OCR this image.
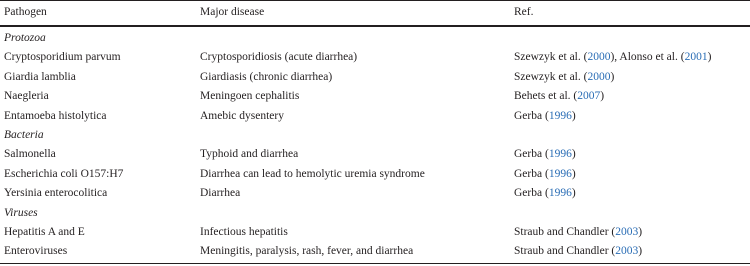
Pathogen	Major disease	Ref.
Protozoa
Cryptosporidium parvum	Cryptosporidiosis (acute diarrhea)	Szewzyk et al. (2000), Alonso et al. (2001)
Giardia lamblia	Giardiasis (chronic diarrhea)	Szewzyk et al. (2000)
Naegleria	Meningoen cephalitis	Behets et al. (2007)
Entamoeba histolytica	Amebic dysentery	Gerba (1996)
Bacteria
Salmonella	Typhoid and diarrhea	Gerba (1996)
Escherichia coli O157:H7	Diarrhea can lead to hemolytic uremia syndrome	Gerba (1996)
Yersinia enterocolitica	Diarrhea	Gerba (1996)
Viruses
Hepatitis A and E	Infectious hepatitis	Straub and Chandler (2003)
Enteroviruses	Meningitis, paralysis, rash, fever, and diarrhea	Straub and Chandler (2003)
